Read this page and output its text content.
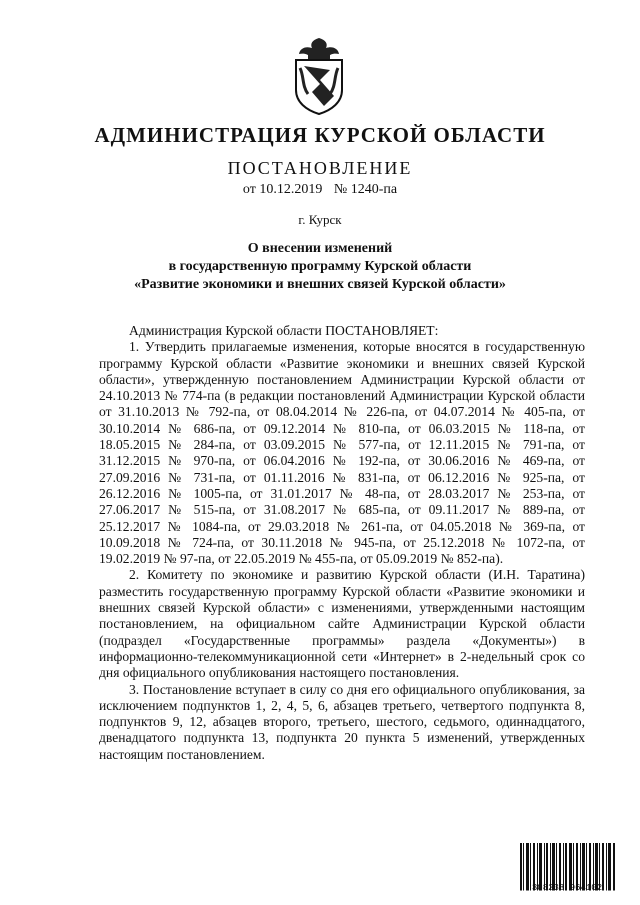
АДМИНИСТРАЦИЯ КУРСКОЙ ОБЛАСТИ
ПОСТАНОВЛЕНИЕ
от 10.12.2019 № 1240-па
г. Курск
О внесении изменений
в государственную программу Курской области
«Развитие экономики и внешних связей Курской области»

Администрация Курской области ПОСТАНОВЛЯЕТ:

1. Утвердить прилагаемые изменения, которые вносятся в государственную программу Курской области «Развитие экономики и внешних связей Курской области», утвержденную постановлением Администрации Курской области от 24.10.2013 № 774-па (в редакции постановлений Администрации Курской области от 31.10.2013 № 792-па, от 08.04.2014 № 226-па, от 04.07.2014 № 405-па, от 30.10.2014 № 686-па, от 09.12.2014 № 810-па, от 06.03.2015 № 118-па, от 18.05.2015 № 284-па, от 03.09.2015 № 577-па, от 12.11.2015 № 791-па, от 31.12.2015 № 970-па, от 06.04.2016 № 192-па, от 30.06.2016 № 469-па, от 27.09.2016 № 731-па, от 01.11.2016 № 831-па, от 06.12.2016 № 925-па, от 26.12.2016 № 1005-па, от 31.01.2017 № 48-па, от 28.03.2017 № 253-па, от 27.06.2017 № 515-па, от 31.08.2017 № 685-па, от 09.11.2017 № 889-па, от 25.12.2017 № 1084-па, от 29.03.2018 № 261-па, от 04.05.2018 № 369-па, от 10.09.2018 № 724-па, от 30.11.2018 № 945-па, от 25.12.2018 № 1072-па, от 19.02.2019 № 97-па, от 22.05.2019 № 455-па, от 05.09.2019 № 852-па).

2. Комитету по экономике и развитию Курской области (И.Н. Таратина) разместить государственную программу Курской области «Развитие экономики и внешних связей Курской области» с изменениями, утвержденными настоящим постановлением, на официальном сайте Администрации Курской области (подраздел «Государственные программы» раздела «Документы») в информационно-телекоммуникационной сети «Интернет» в 2-недельный срок со дня официального опубликования настоящего постановления.

3. Постановление вступает в силу со дня его официального опубликования, за исключением подпунктов 1, 2, 4, 5, 6, абзацев третьего, четвертого подпункта 8, подпунктов 9, 12, абзацев второго, третьего, шестого, седьмого, одиннадцатого, двенадцатого подпункта 13, подпункта 20 пункта 5 изменений, утвержденных настоящим постановлением.

308238 964102
